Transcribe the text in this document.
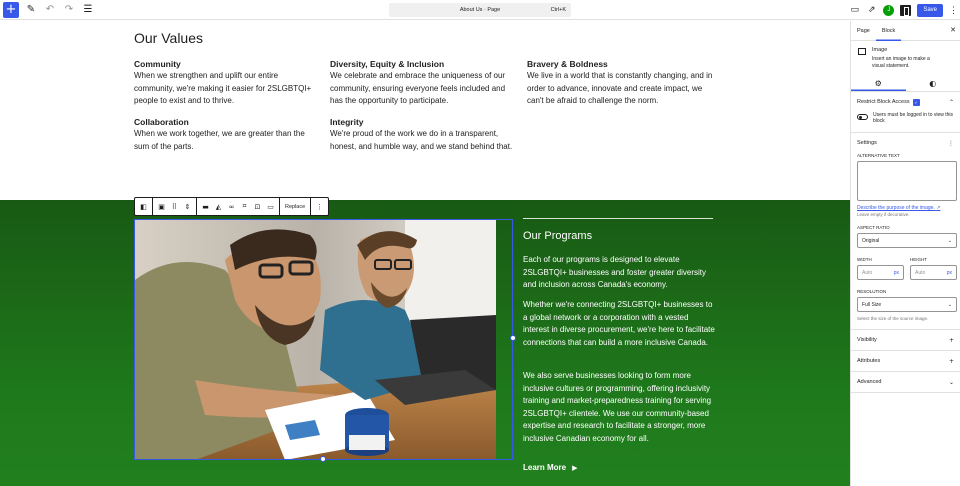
+ ✎ ↶ ↷ ☰	About Us · Page	Ctrl+K	▭ ⇗ J	Save	⋮
Our Values
Community

When we strengthen and uplift our entire community, we're making it easier for 2SLGBTQI+ people to exist and to thrive.

Diversity, Equity & Inclusion

We celebrate and embrace the uniqueness of our community, ensuring everyone feels included and has the opportunity to participate.

Bravery & Boldness

We live in a world that is constantly changing, and in order to advance, innovate and create impact, we can't be afraid to challenge the norm.

Collaboration

When we work together, we are greater than the sum of the parts.

Integrity

We're proud of the work we do in a transparent, honest, and humble way, and we stand behind that.

◧ ▣ ⠿ ⇕ ▬ ◭ ∞ ⌗ ⊡ ▭	Replace	⋮
Our Programs

Each of our programs is designed to elevate 2SLGBTQI+ businesses and foster greater diversity and inclusion across Canada's economy.

Whether we're connecting 2SLGBTQI+ businesses to a global network or a corporation with a vested interest in diverse procurement, we're here to facilitate connections that can build a more inclusive Canada.

We also serve businesses looking to form more inclusive cultures or programming, offering inclusivity training and market-preparedness training for serving 2SLGBTQI+ clientele. We use our community-based expertise and research to facilitate a stronger, more inclusive Canadian economy for all.

Learn More ▶
Page	Block	✕
Image
Insert an image to make a visual statement.
⚙	◐
Restrict Block Access	✓	⌃
Users must be logged in to view this block
Settings	⋮
ALTERNATIVE TEXT
Describe the purpose of the image. ↗
Leave empty if decorative.
ASPECT RATIO
Original	⌄
WIDTH
Auto	px
HEIGHT
Auto	px
RESOLUTION
Full Size	⌄
Select the size of the source image.
Visibility	+
Attributes	+
Advanced	⌄
